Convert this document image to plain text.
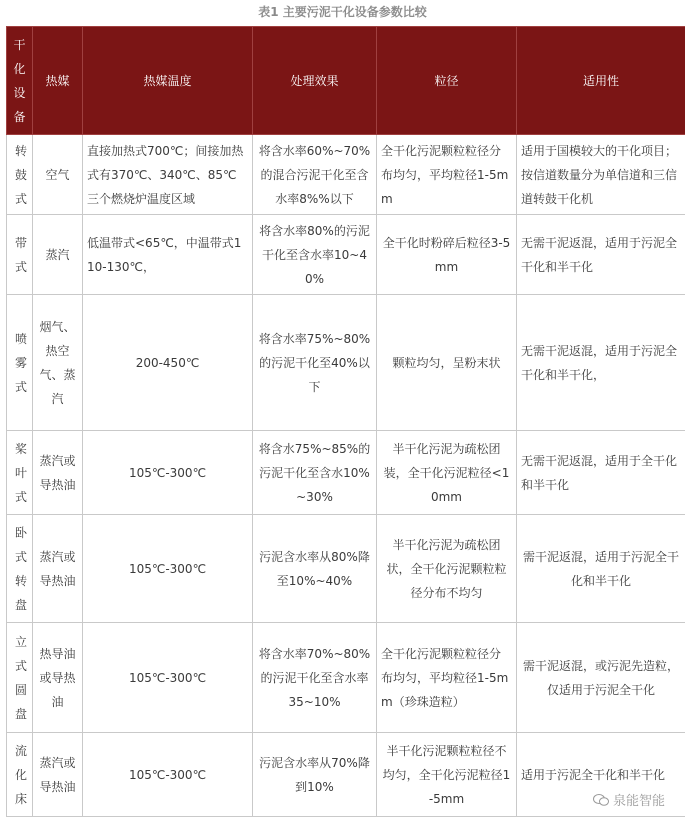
表1 主要污泥干化设备参数比较
干化设备	热媒	热媒温度	处理效果	粒径	适用性
转鼓式	空气	直接加热式700℃；间接加热式有370℃、340℃、85℃三个燃烧炉温度区域	将含水率60%~70%的混合污泥干化至含水率8%%以下	全干化污泥颗粒粒径分布均匀，平均粒径1-5mm	适用于国模较大的干化项目；按信道数量分为单信道和三信道转鼓干化机
带式	蒸汽	低温带式<65℃，中温带式110-130℃，	将含水率80%的污泥干化至含水率10~40%	全干化时粉碎后粒径3-5mm	无需干泥返混，适用于污泥全干化和半干化
喷雾式	烟气、热空气、蒸汽	200-450℃	将含水率75%~80%的污泥干化至40%以下	颗粒均匀，呈粉末状	无需干泥返混，适用于污泥全干化和半干化，
桨叶式	蒸汽或导热油	105℃-300℃	将含水75%~85%的污泥干化至含水10%~30%	半干化污泥为疏松团装，全干化污泥粒径<10mm	无需干泥返混，适用于全干化和半干化
卧式转盘	蒸汽或导热油	105℃-300℃	污泥含水率从80%降至10%~40%	半干化污泥为疏松团状，全干化污泥颗粒粒径分布不均匀	需干泥返混，适用于污泥全干化和半干化
立式圆盘	热导油或导热油	105℃-300℃	将含水率70%~80%的污泥干化至含水率35~10%	全干化污泥颗粒粒径分布均匀，平均粒径1-5mm（珍珠造粒）	需干泥返混，或污泥先造粒，仅适用于污泥全干化
流化床	蒸汽或导热油	105℃-300℃	污泥含水率从70%降到10%	半干化污泥颗粒粒径不均匀，全干化污泥粒径1-5mm	适用于污泥全干化和半干化
泉能智能
